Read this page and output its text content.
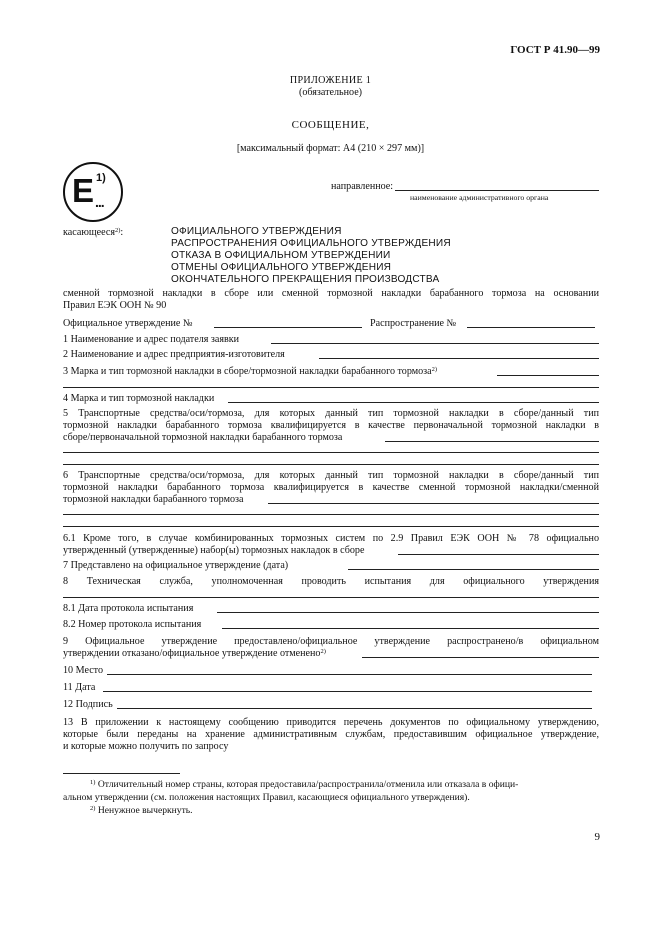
ГОСТ Р 41.90—99
ПРИЛОЖЕНИЕ 1
(обязательное)
СООБЩЕНИЕ,
[максимальный формат: A4 (210 × 297 мм)]
E 1)
...
направленное:
наименование административного органа
касающееся$^{2)}$:	ОФИЦИАЛЬНОГО УТВЕРЖДЕНИЯ
РАСПРОСТРАНЕНИЯ ОФИЦИАЛЬНОГО УТВЕРЖДЕНИЯ
ОТКАЗА В ОФИЦИАЛЬНОМ УТВЕРЖДЕНИИ
ОТМЕНЫ ОФИЦИАЛЬНОГО УТВЕРЖДЕНИЯ
ОКОНЧАТЕЛЬНОГО ПРЕКРАЩЕНИЯ ПРОИЗВОДСТВА
сменной тормозной накладки в сборе или сменной тормозной накладки барабанного тормоза на основании
Правил ЕЭК ООН № 90
Официальное утверждение №	Распространение №
1 Наименование и адрес подателя заявки
2 Наименование и адрес предприятия-изготовителя
3 Марка и тип тормозной накладки в сборе/тормозной накладки барабанного тормоза$^{2)}$
4 Марка и тип тормозной накладки
5 Транспортные средства/оси/тормоза, для которых данный тип тормозной накладки в сборе/данный тип
тормозной накладки барабанного тормоза квалифицируется в качестве первоначальной тормозной накладки в
сборе/первоначальной тормозной накладки барабанного тормоза
6 Транспортные средства/оси/тормоза, для которых данный тип тормозной накладки в сборе/данный тип
тормозной накладки барабанного тормоза квалифицируется в качестве сменной тормозной накладки/сменной
тормозной накладки барабанного тормоза
6.1 Кроме того, в случае комбинированных тормозных систем по 2.9 Правил ЕЭК ООН № 78 официально
утвержденный (утвержденные) набор(ы) тормозных накладок в сборе
7 Представлено на официальное утверждение (дата)
8 Техническая служба, уполномоченная проводить испытания для официального утверждения
8.1 Дата протокола испытания
8.2 Номер протокола испытания
9 Официальное утверждение предоставлено/официальное утверждение распространено/в официальном
утверждении отказано/официальное утверждение отменено$^{2)}$
10 Место
11 Дата
12 Подпись
13 В приложении к настоящему сообщению приводится перечень документов по официальному утверждению,
которые были переданы на хранение административным службам, предоставившим официальное утверждение,
и которые можно получить по запросу
$^{1)}$ Отличительный номер страны, которая предоставила/распространила/отменила или отказала в офици-
альном утверждении (см. положения настоящих Правил, касающиеся официального утверждения).
$^{2)}$ Ненужное вычеркнуть.
9
